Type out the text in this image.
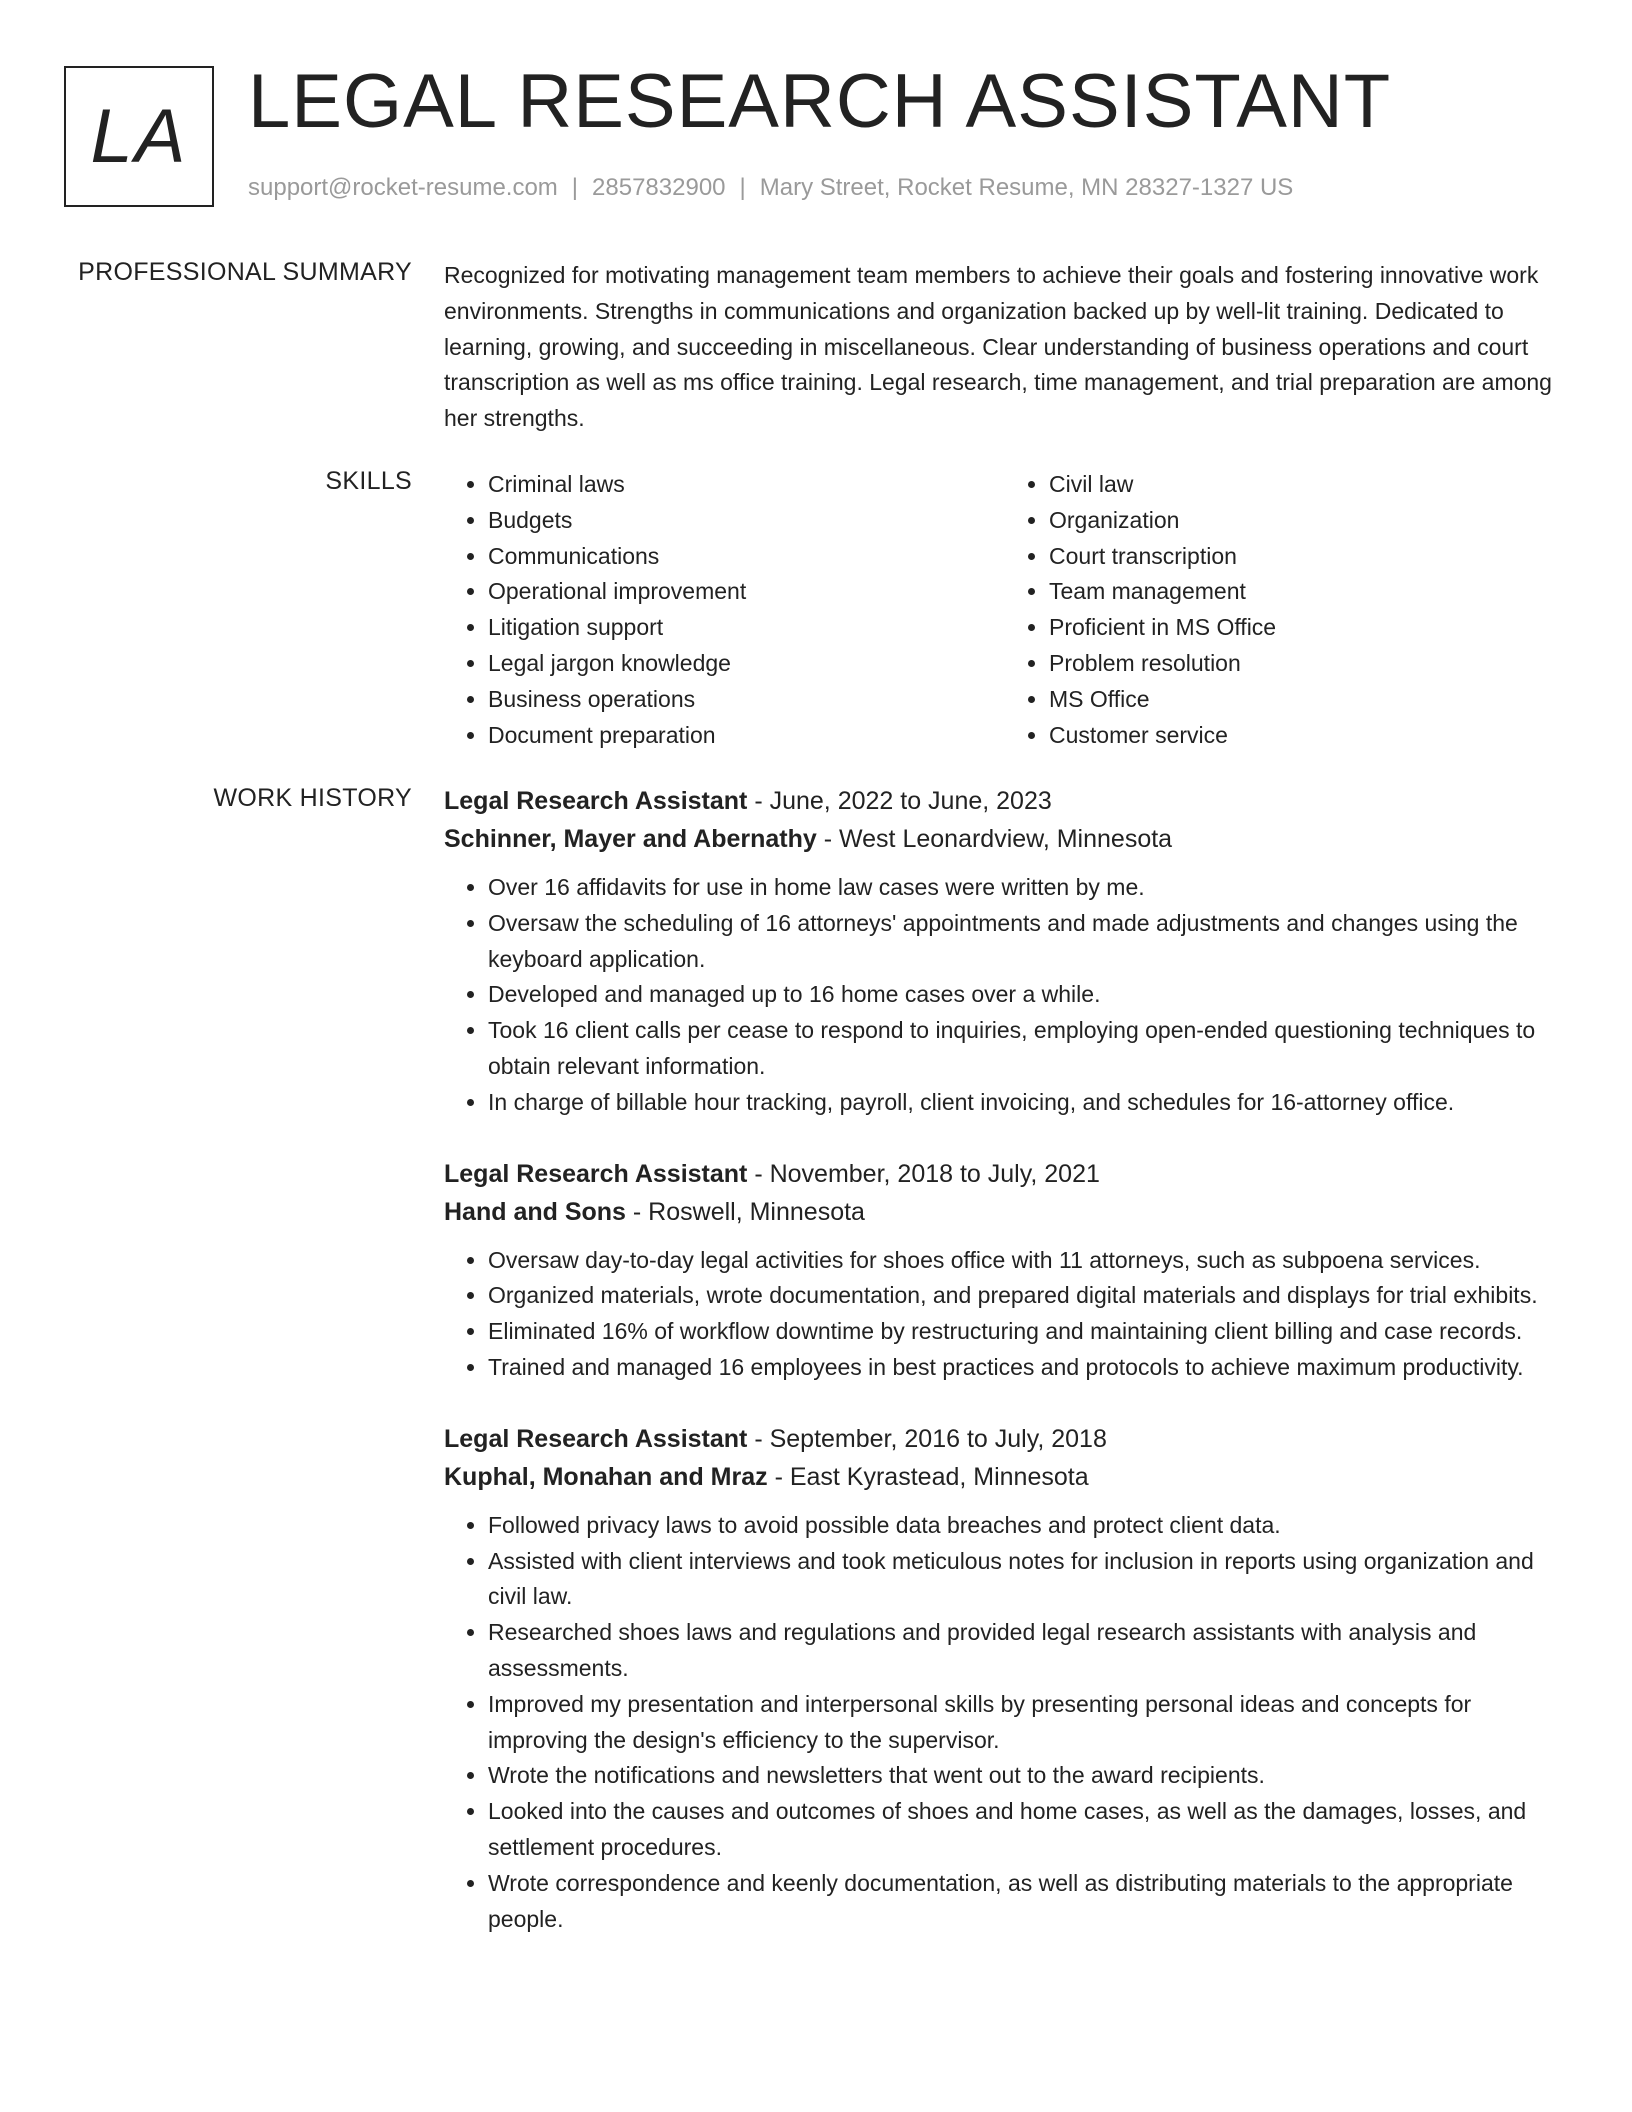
LA LEGAL RESEARCH ASSISTANT
support@rocket-resume.com | 2857832900 | Mary Street, Rocket Resume, MN 28327-1327 US
PROFESSIONAL SUMMARY Recognized for motivating management team members to achieve their goals and fostering innovative work environments. Strengths in communications and organization backed up by well-lit training. Dedicated to learning, growing, and succeeding in miscellaneous. Clear understanding of business operations and court transcription as well as ms office training. Legal research, time management, and trial preparation are among her strengths.

SKILLS
•	Criminal laws
• Budgets
• Communications
• Operational improvement
• Litigation support
• Legal jargon knowledge
• Business operations
• Document preparation
• Civil law
• Organization
• Court transcription
• Team management
• Proficient in MS Office
• Problem resolution
• MS Office
• Customer service
WORK HISTORY Legal Research Assistant - June, 2022 to June, 2023
Schinner, Mayer and Abernathy - West Leonardview, Minnesota
• Over 16 affidavits for use in home law cases were written by me.
• Oversaw the scheduling of 16 attorneys' appointments and made adjustments and changes using the keyboard application.
• Developed and managed up to 16 home cases over a while.
• Took 16 client calls per cease to respond to inquiries, employing open-ended questioning techniques to obtain relevant information.
• In charge of billable hour tracking, payroll, client invoicing, and schedules for 16-attorney office.
Legal Research Assistant - November, 2018 to July, 2021
Hand and Sons - Roswell, Minnesota
• Oversaw day-to-day legal activities for shoes office with 11 attorneys, such as subpoena services.
• Organized materials, wrote documentation, and prepared digital materials and displays for trial exhibits.
• Eliminated 16% of workflow downtime by restructuring and maintaining client billing and case records.
• Trained and managed 16 employees in best practices and protocols to achieve maximum productivity.
Legal Research Assistant - September, 2016 to July, 2018
Kuphal, Monahan and Mraz - East Kyrastead, Minnesota
• Followed privacy laws to avoid possible data breaches and protect client data.
• Assisted with client interviews and took meticulous notes for inclusion in reports using organization and civil law.
• Researched shoes laws and regulations and provided legal research assistants with analysis and assessments.
• Improved my presentation and interpersonal skills by presenting personal ideas and concepts for improving the design's efficiency to the supervisor.
• Wrote the notifications and newsletters that went out to the award recipients.
• Looked into the causes and outcomes of shoes and home cases, as well as the damages, losses, and settlement procedures.
• Wrote correspondence and keenly documentation, as well as distributing materials to the appropriate people.
